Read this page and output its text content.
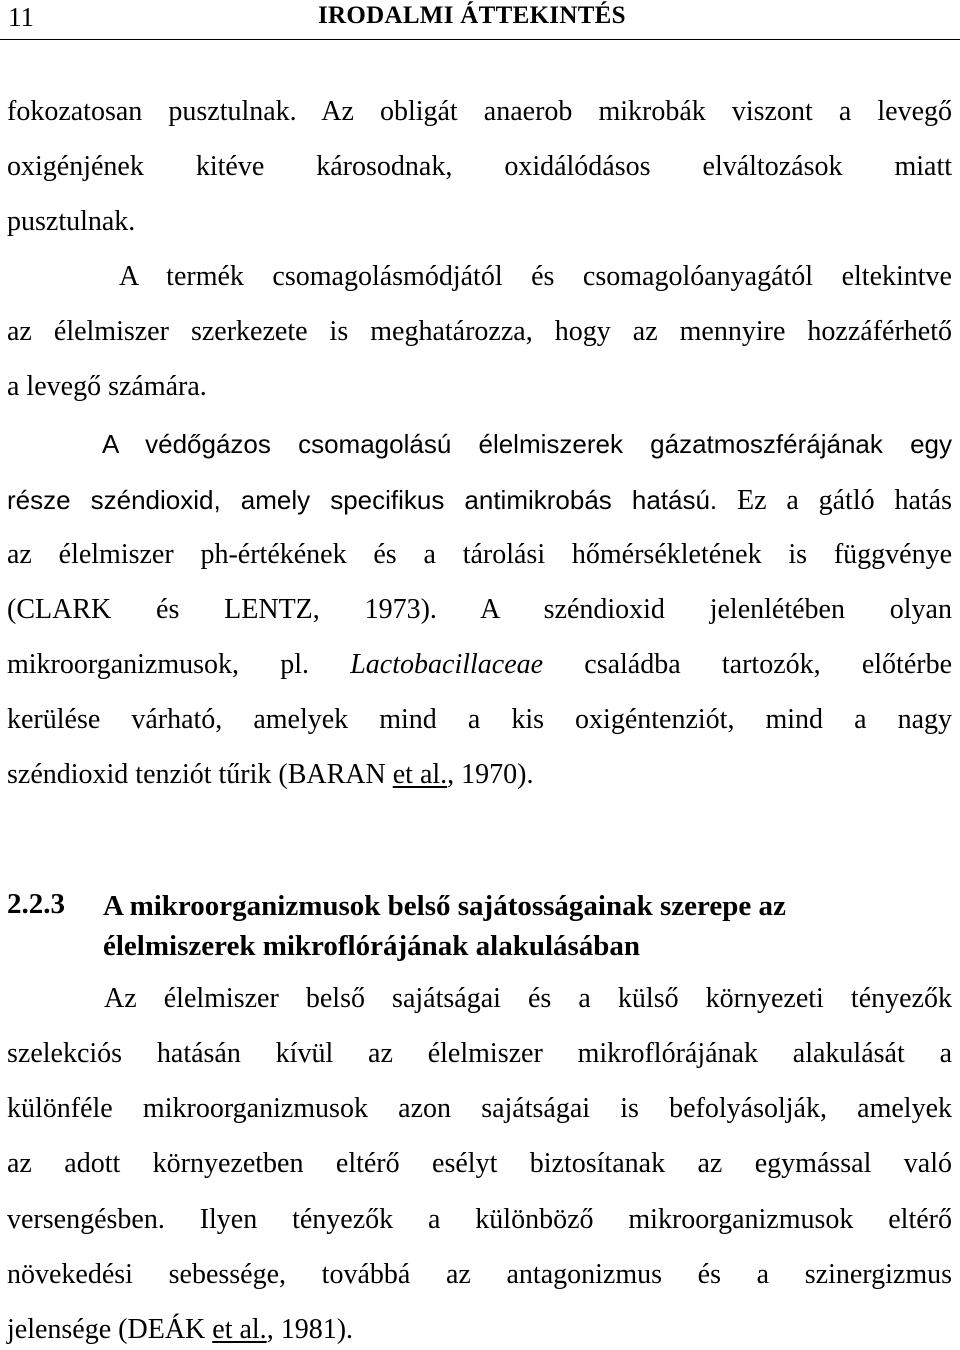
11	IRODALMI ÁTTEKINTÉS
fokozatosan pusztulnak. Az obligát anaerob mikrobák viszont a levegő
oxigénjének kitéve károsodnak, oxidálódásos elváltozások miatt
pusztulnak.
A termék csomagolásmódjától és csomagolóanyagától eltekintve
az élelmiszer szerkezete is meghatározza, hogy az mennyire hozzáférhető
a levegő számára.
A védőgázos csomagolású élelmiszerek gázatmoszférájának egy
része széndioxid, amely specifikus antimikrobás hatású. Ez a gátló hatás
az élelmiszer ph-értékének és a tárolási hőmérsékletének is függvénye
(CLARK és LENTZ, 1973). A széndioxid jelenlétében olyan
mikroorganizmusok, pl. Lactobacillaceae családba tartozók, előtérbe
kerülése várható, amelyek mind a kis oxigéntenziót, mind a nagy
széndioxid tenziót tűrik (BARAN et al., 1970).
2.2.3 A mikroorganizmusok belső sajátosságainak szerepe az
élelmiszerek mikroflórájának alakulásában
Az élelmiszer belső sajátságai és a külső környezeti tényezők
szelekciós hatásán kívül az élelmiszer mikroflórájának alakulását a
különféle mikroorganizmusok azon sajátságai is befolyásolják, amelyek
az adott környezetben eltérő esélyt biztosítanak az egymással való
versengésben. Ilyen tényezők a különböző mikroorganizmusok eltérő
növekedési sebessége, továbbá az antagonizmus és a szinergizmus
jelensége (DEÁK et al., 1981).
